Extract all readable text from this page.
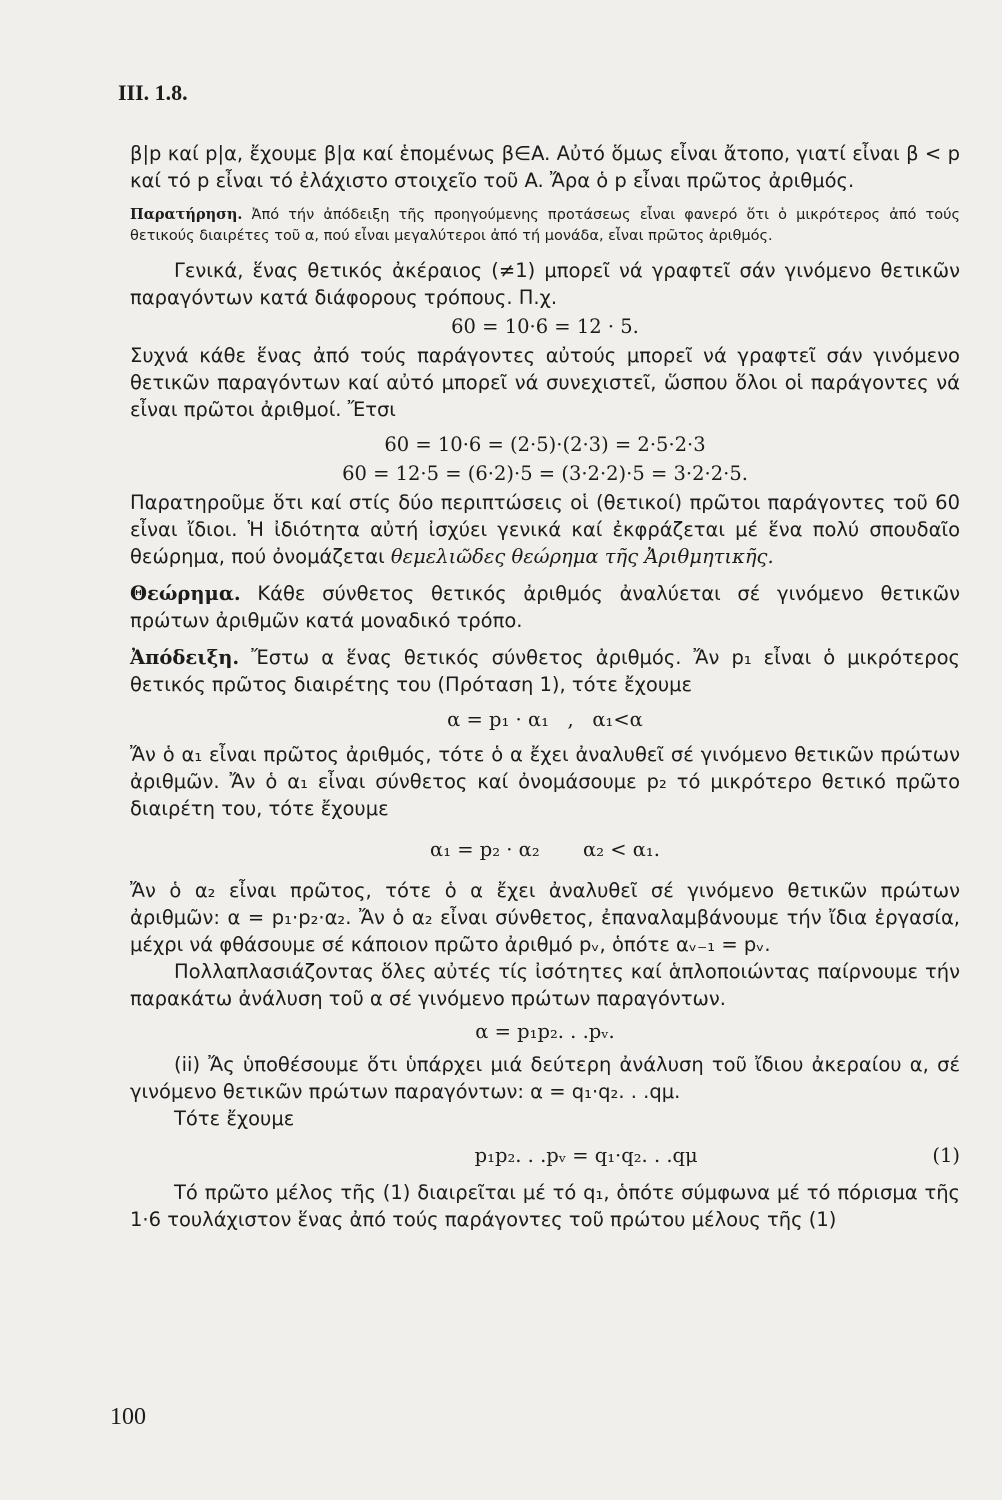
III. 1.8.

β|p καί p|α, ἔχουμε β|α καί ἑπομένως β∈A. Αὐτό ὅμως εἶναι ἄτοπο, γιατί εἶναι β < p καί τό p εἶναι τό ἐλάχιστο στοιχεῖο τοῦ A. Ἄρα ὁ p εἶναι πρῶτος ἀριθμός.

Παρατήρηση. Ἀπό τήν ἀπόδειξη τῆς προηγούμενης προτάσεως εἶναι φανερό ὅτι ὁ μικρότερος ἀπό τούς θετικούς διαιρέτες τοῦ α, πού εἶναι μεγαλύτεροι ἀπό τή μονάδα, εἶναι πρῶτος ἀριθμός.

Γενικά, ἕνας θετικός ἀκέραιος (≠1) μπορεῖ νά γραφτεῖ σάν γινόμενο θετικῶν παραγόντων κατά διάφορους τρόπους. Π.χ.

60 = 10·6 = 12 · 5.

Συχνά κάθε ἕνας ἀπό τούς παράγοντες αὐτούς μπορεῖ νά γραφτεῖ σάν γινόμενο θετικῶν παραγόντων καί αὐτό μπορεῖ νά συνεχιστεῖ, ὥσπου ὅλοι οἱ παράγοντες νά εἶναι πρῶτοι ἀριθμοί. Ἔτσι

60 = 10·6 = (2·5)·(2·3) = 2·5·2·3

60 = 12·5 = (6·2)·5 = (3·2·2)·5 = 3·2·2·5.

Παρατηροῦμε ὅτι καί στίς δύο περιπτώσεις οἱ (θετικοί) πρῶτοι παράγοντες τοῦ 60 εἶναι ἴδιοι. Ἡ ἰδιότητα αὐτή ἰσχύει γενικά καί ἐκφράζεται μέ ἕνα πολύ σπουδαῖο θεώρημα, πού ὀνομάζεται θεμελιῶδες θεώρημα τῆς Ἀριθμητικῆς.

Θεώρημα. Κάθε σύνθετος θετικός ἀριθμός ἀναλύεται σέ γινόμενο θετικῶν πρώτων ἀριθμῶν κατά μοναδικό τρόπο.

Ἀπόδειξη. Ἔστω α ἕνας θετικός σύνθετος ἀριθμός. Ἄν p₁ εἶναι ὁ μικρότερος θετικός πρῶτος διαιρέτης του (Πρόταση 1), τότε ἔχουμε

α = p₁ · α₁   ,   α₁<α

Ἄν ὁ α₁ εἶναι πρῶτος ἀριθμός, τότε ὁ α ἔχει ἀναλυθεῖ σέ γινόμενο θετικῶν πρώτων ἀριθμῶν. Ἄν ὁ α₁ εἶναι σύνθετος καί ὀνομάσουμε p₂ τό μικρότερο θετικό πρῶτο διαιρέτη του, τότε ἔχουμε

α₁ = p₂ · α₂       α₂ < α₁.

Ἄν ὁ α₂ εἶναι πρῶτος, τότε ὁ α ἔχει ἀναλυθεῖ σέ γινόμενο θετικῶν πρώτων ἀριθμῶν: α = p₁·p₂·α₂. Ἄν ὁ α₂ εἶναι σύνθετος, ἐπαναλαμβάνουμε τήν ἴδια ἐργασία, μέχρι νά φθάσουμε σέ κάποιον πρῶτο ἀριθμό pᵥ, ὁπότε αᵥ₋₁ = pᵥ.

Πολλαπλασιάζοντας ὅλες αὐτές τίς ἰσότητες καί ἁπλοποιώντας παίρνουμε τήν παρακάτω ἀνάλυση τοῦ α σέ γινόμενο πρώτων παραγόντων.

α = p₁p₂. . .pᵥ.

(ii) Ἄς ὑποθέσουμε ὅτι ὑπάρχει μιά δεύτερη ἀνάλυση τοῦ ἴδιου ἀκεραίου α, σέ γινόμενο θετικῶν πρώτων παραγόντων: α = q₁·q₂. . .qμ.

Τότε ἔχουμε

p₁p₂. . .pᵥ = q₁·q₂. . .qμ	(1)

Τό πρῶτο μέλος τῆς (1) διαιρεῖται μέ τό q₁, ὁπότε σύμφωνα μέ τό πόρισμα τῆς 1·6 τουλάχιστον ἕνας ἀπό τούς παράγοντες τοῦ πρώτου μέλους τῆς (1)

100
